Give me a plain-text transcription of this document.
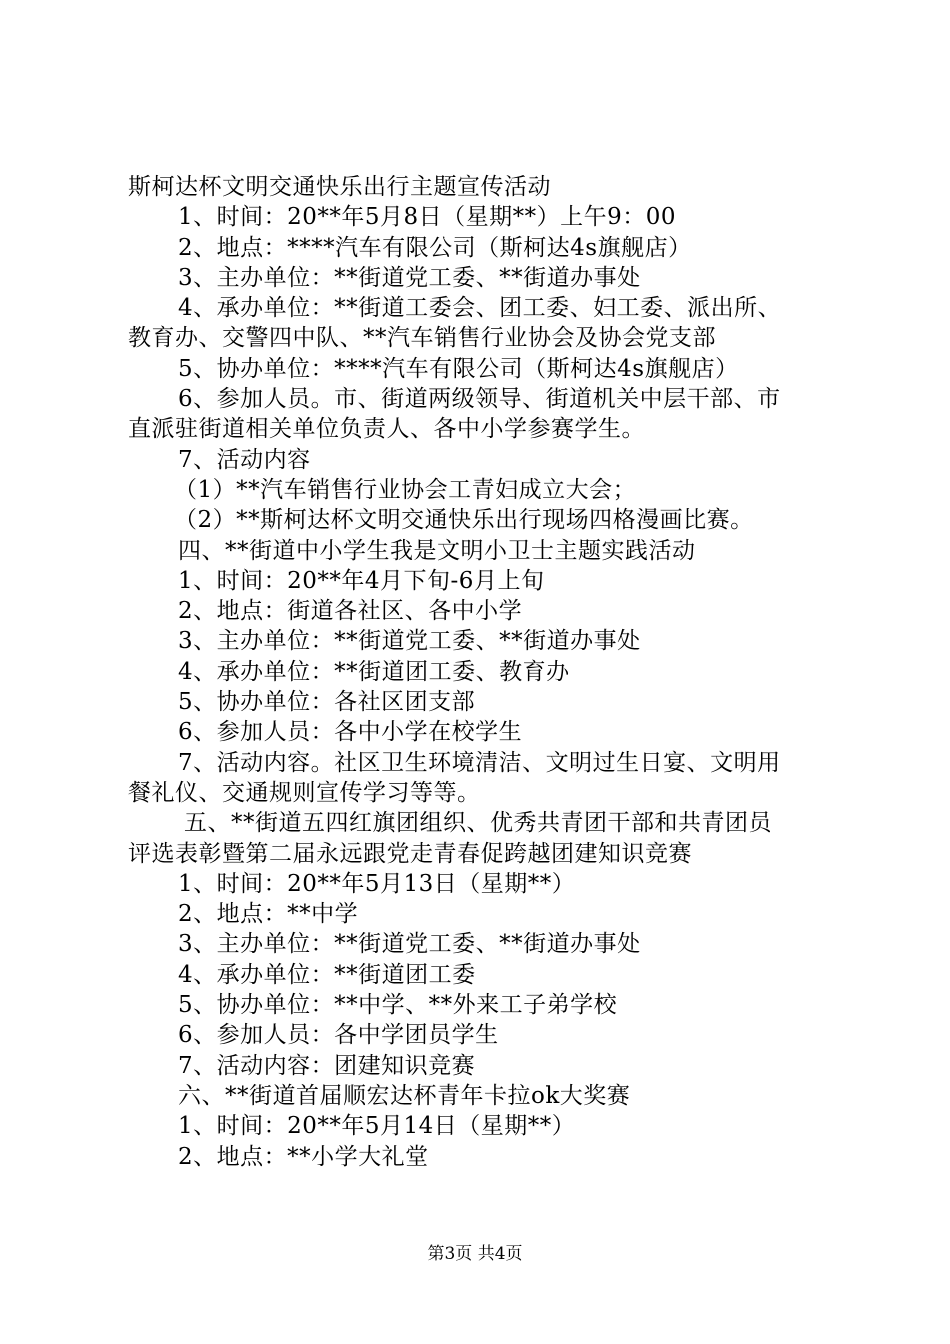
斯柯达杯文明交通快乐出行主题宣传活动
1、时间：20**年5月8日（星期**）上午9：00
2、地点：****汽车有限公司（斯柯达4s旗舰店）
3、主办单位：**街道党工委、**街道办事处
4、承办单位：**街道工委会、团工委、妇工委、派出所、
教育办、交警四中队、**汽车销售行业协会及协会党支部
5、协办单位：****汽车有限公司（斯柯达4s旗舰店）
6、参加人员。市、街道两级领导、街道机关中层干部、市
直派驻街道相关单位负责人、各中小学参赛学生。
7、活动内容
（1）**汽车销售行业协会工青妇成立大会；
（2）**斯柯达杯文明交通快乐出行现场四格漫画比赛。
四、**街道中小学生我是文明小卫士主题实践活动
1、时间：20**年4月下旬-6月上旬
2、地点：街道各社区、各中小学
3、主办单位：**街道党工委、**街道办事处
4、承办单位：**街道团工委、教育办
5、协办单位：各社区团支部
6、参加人员：各中小学在校学生
7、活动内容。社区卫生环境清洁、文明过生日宴、文明用
餐礼仪、交通规则宣传学习等等。
五、**街道五四红旗团组织、优秀共青团干部和共青团员
评选表彰暨第二届永远跟党走青春促跨越团建知识竞赛
1、时间：20**年5月13日（星期**）
2、地点：**中学
3、主办单位：**街道党工委、**街道办事处
4、承办单位：**街道团工委
5、协办单位：**中学、**外来工子弟学校
6、参加人员：各中学团员学生
7、活动内容：团建知识竞赛
六、**街道首届顺宏达杯青年卡拉ok大奖赛
1、时间：20**年5月14日（星期**）
2、地点：**小学大礼堂
第3页 共4页
